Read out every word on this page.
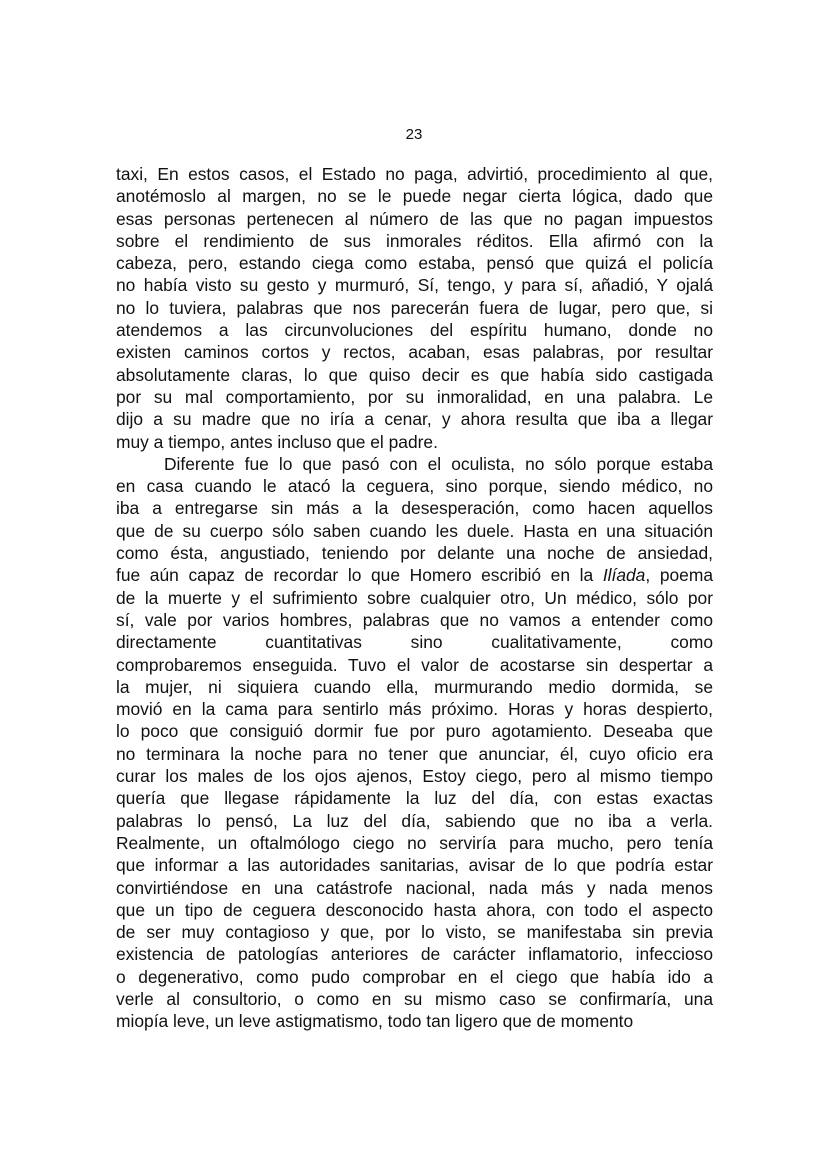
23
taxi, En estos casos, el Estado no paga, advirtió, procedimiento al que,
anotémoslo al margen, no se le puede negar cierta lógica, dado que
esas personas pertenecen al número de las que no pagan impuestos
sobre el rendimiento de sus inmorales réditos. Ella afirmó con la
cabeza, pero, estando ciega como estaba, pensó que quizá el policía
no había visto su gesto y murmuró, Sí, tengo, y para sí, añadió, Y ojalá
no lo tuviera, palabras que nos parecerán fuera de lugar, pero que, si
atendemos a las circunvoluciones del espíritu humano, donde no
existen caminos cortos y rectos, acaban, esas palabras, por resultar
absolutamente claras, lo que quiso decir es que había sido castigada
por su mal comportamiento, por su inmoralidad, en una palabra. Le
dijo a su madre que no iría a cenar, y ahora resulta que iba a llegar
muy a tiempo, antes incluso que el padre.
Diferente fue lo que pasó con el oculista, no sólo porque estaba
en casa cuando le atacó la ceguera, sino porque, siendo médico, no
iba a entregarse sin más a la desesperación, como hacen aquellos
que de su cuerpo sólo saben cuando les duele. Hasta en una situación
como ésta, angustiado, teniendo por delante una noche de ansiedad,
fue aún capaz de recordar lo que Homero escribió en la Ilíada, poema
de la muerte y el sufrimiento sobre cualquier otro, Un médico, sólo por
sí, vale por varios hombres, palabras que no vamos a entender como
directamente cuantitativas sino cualitativamente, como
comprobaremos enseguida. Tuvo el valor de acostarse sin despertar a
la mujer, ni siquiera cuando ella, murmurando medio dormida, se
movió en la cama para sentirlo más próximo. Horas y horas despierto,
lo poco que consiguió dormir fue por puro agotamiento. Deseaba que
no terminara la noche para no tener que anunciar, él, cuyo oficio era
curar los males de los ojos ajenos, Estoy ciego, pero al mismo tiempo
quería que llegase rápidamente la luz del día, con estas exactas
palabras lo pensó, La luz del día, sabiendo que no iba a verla.
Realmente, un oftalmólogo ciego no serviría para mucho, pero tenía
que informar a las autoridades sanitarias, avisar de lo que podría estar
convirtiéndose en una catástrofe nacional, nada más y nada menos
que un tipo de ceguera desconocido hasta ahora, con todo el aspecto
de ser muy contagioso y que, por lo visto, se manifestaba sin previa
existencia de patologías anteriores de carácter inflamatorio, infeccioso
o degenerativo, como pudo comprobar en el ciego que había ido a
verle al consultorio, o como en su mismo caso se confirmaría, una
miopía leve, un leve astigmatismo, todo tan ligero que de momento
